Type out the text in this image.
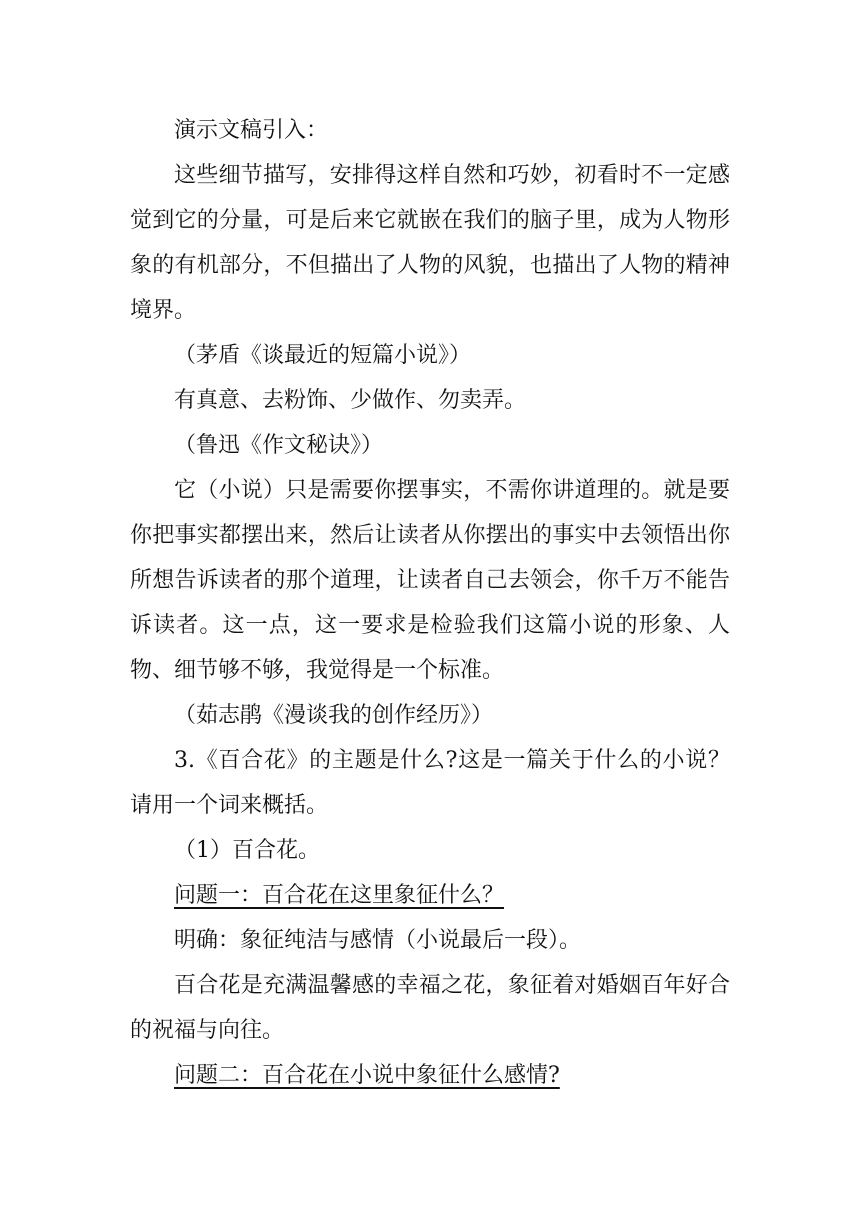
演示文稿引入：

这些细节描写，安排得这样自然和巧妙，初看时不一定感觉到它的分量，可是后来它就嵌在我们的脑子里，成为人物形象的有机部分，不但描出了人物的风貌，也描出了人物的精神境界。

（茅盾《谈最近的短篇小说》）

有真意、去粉饰、少做作、勿卖弄。

（鲁迅《作文秘诀》）

它（小说）只是需要你摆事实，不需你讲道理的。就是要你把事实都摆出来，然后让读者从你摆出的事实中去领悟出你所想告诉读者的那个道理，让读者自己去领会，你千万不能告诉读者。这一点，这一要求是检验我们这篇小说的形象、人物、细节够不够，我觉得是一个标准。

（茹志鹃《漫谈我的创作经历》）

3.《百合花》的主题是什么?这是一篇关于什么的小说？请用一个词来概括。

（1）百合花。

问题一：百合花在这里象征什么？

明确：象征纯洁与感情（小说最后一段）。

百合花是充满温馨感的幸福之花，象征着对婚姻百年好合的祝福与向往。

问题二：百合花在小说中象征什么感情?
